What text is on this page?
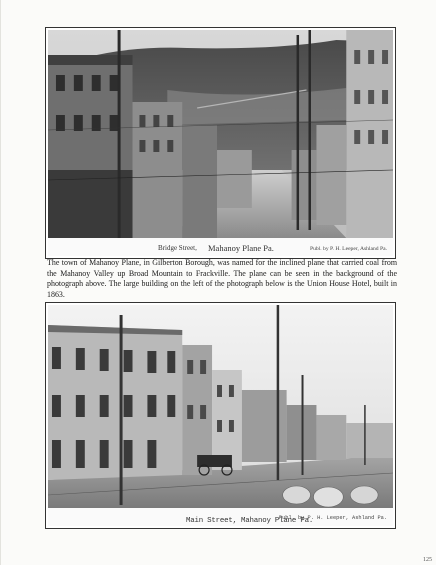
Bridge Street, Mahanoy Plane Pa.	Publ. by P. H. Leeper, Ashland Pa.

The town of Mahanoy Plane, in Gilberton Borough, was named for the inclined plane that carried coal from the Mahanoy Valley up Broad Mountain to Frackville. The plane can be seen in the background of the photograph above. The large building on the left of the photograph below is the Union House Hotel, built in 1863.

Main Street, Mahanoy Plane Pa.
Publ. by P. H. Leeper, Ashland Pa.
125
